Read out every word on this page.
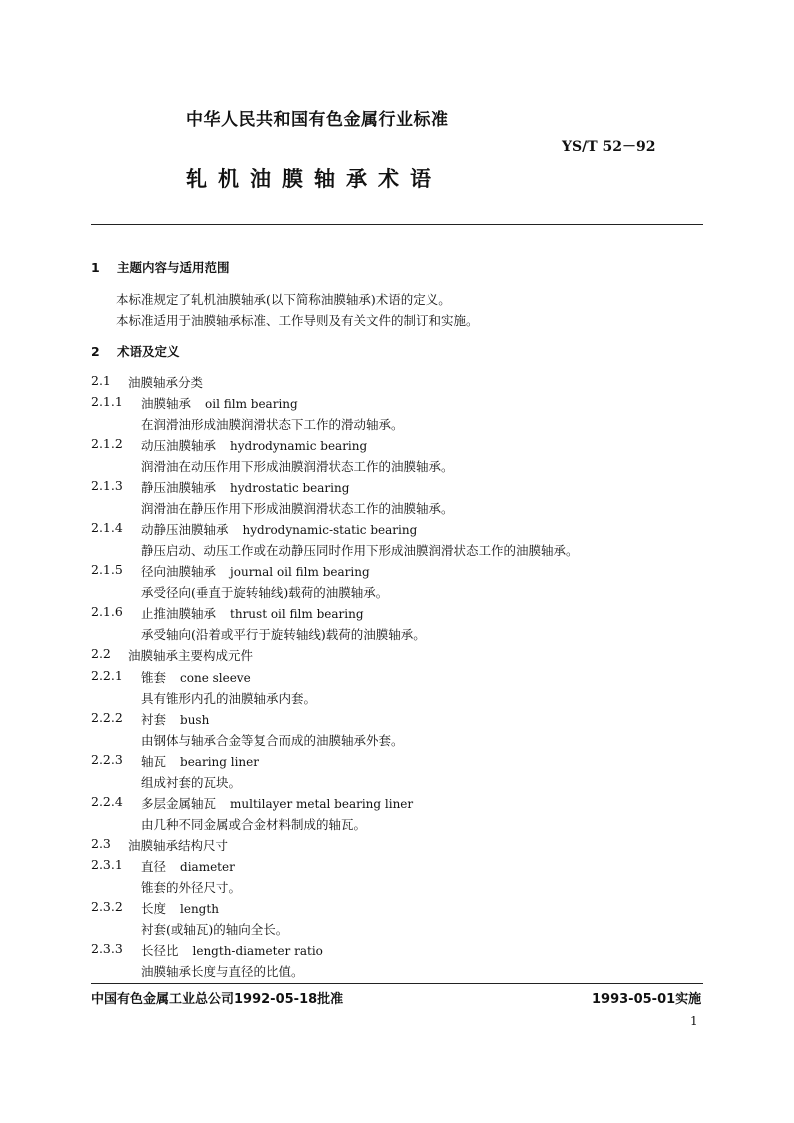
中华人民共和国有色金属行业标准
YS/T 52－92
轧机油膜轴承术语
1 主题内容与适用范围
本标准规定了轧机油膜轴承(以下简称油膜轴承)术语的定义。
本标准适用于油膜轴承标准、工作导则及有关文件的制订和实施。
2 术语及定义
2.1 油膜轴承分类
2.1.1 油膜轴承 oil film bearing
在润滑油形成油膜润滑状态下工作的滑动轴承。
2.1.2 动压油膜轴承 hydrodynamic bearing
润滑油在动压作用下形成油膜润滑状态工作的油膜轴承。
2.1.3 静压油膜轴承 hydrostatic bearing
润滑油在静压作用下形成油膜润滑状态工作的油膜轴承。
2.1.4 动静压油膜轴承 hydrodynamic-static bearing
静压启动、动压工作或在动静压同时作用下形成油膜润滑状态工作的油膜轴承。
2.1.5 径向油膜轴承 journal oil film bearing
承受径向(垂直于旋转轴线)载荷的油膜轴承。
2.1.6 止推油膜轴承 thrust oil film bearing
承受轴向(沿着或平行于旋转轴线)载荷的油膜轴承。
2.2 油膜轴承主要构成元件
2.2.1 锥套 cone sleeve
具有锥形内孔的油膜轴承内套。
2.2.2 衬套 bush
由钢体与轴承合金等复合而成的油膜轴承外套。
2.2.3 轴瓦 bearing liner
组成衬套的瓦块。
2.2.4 多层金属轴瓦 multilayer metal bearing liner
由几种不同金属或合金材料制成的轴瓦。
2.3 油膜轴承结构尺寸
2.3.1 直径 diameter
锥套的外径尺寸。
2.3.2 长度 length
衬套(或轴瓦)的轴向全长。
2.3.3 长径比 length-diameter ratio
油膜轴承长度与直径的比值。
中国有色金属工业总公司1992-05-18批准	1993-05-01实施
1
